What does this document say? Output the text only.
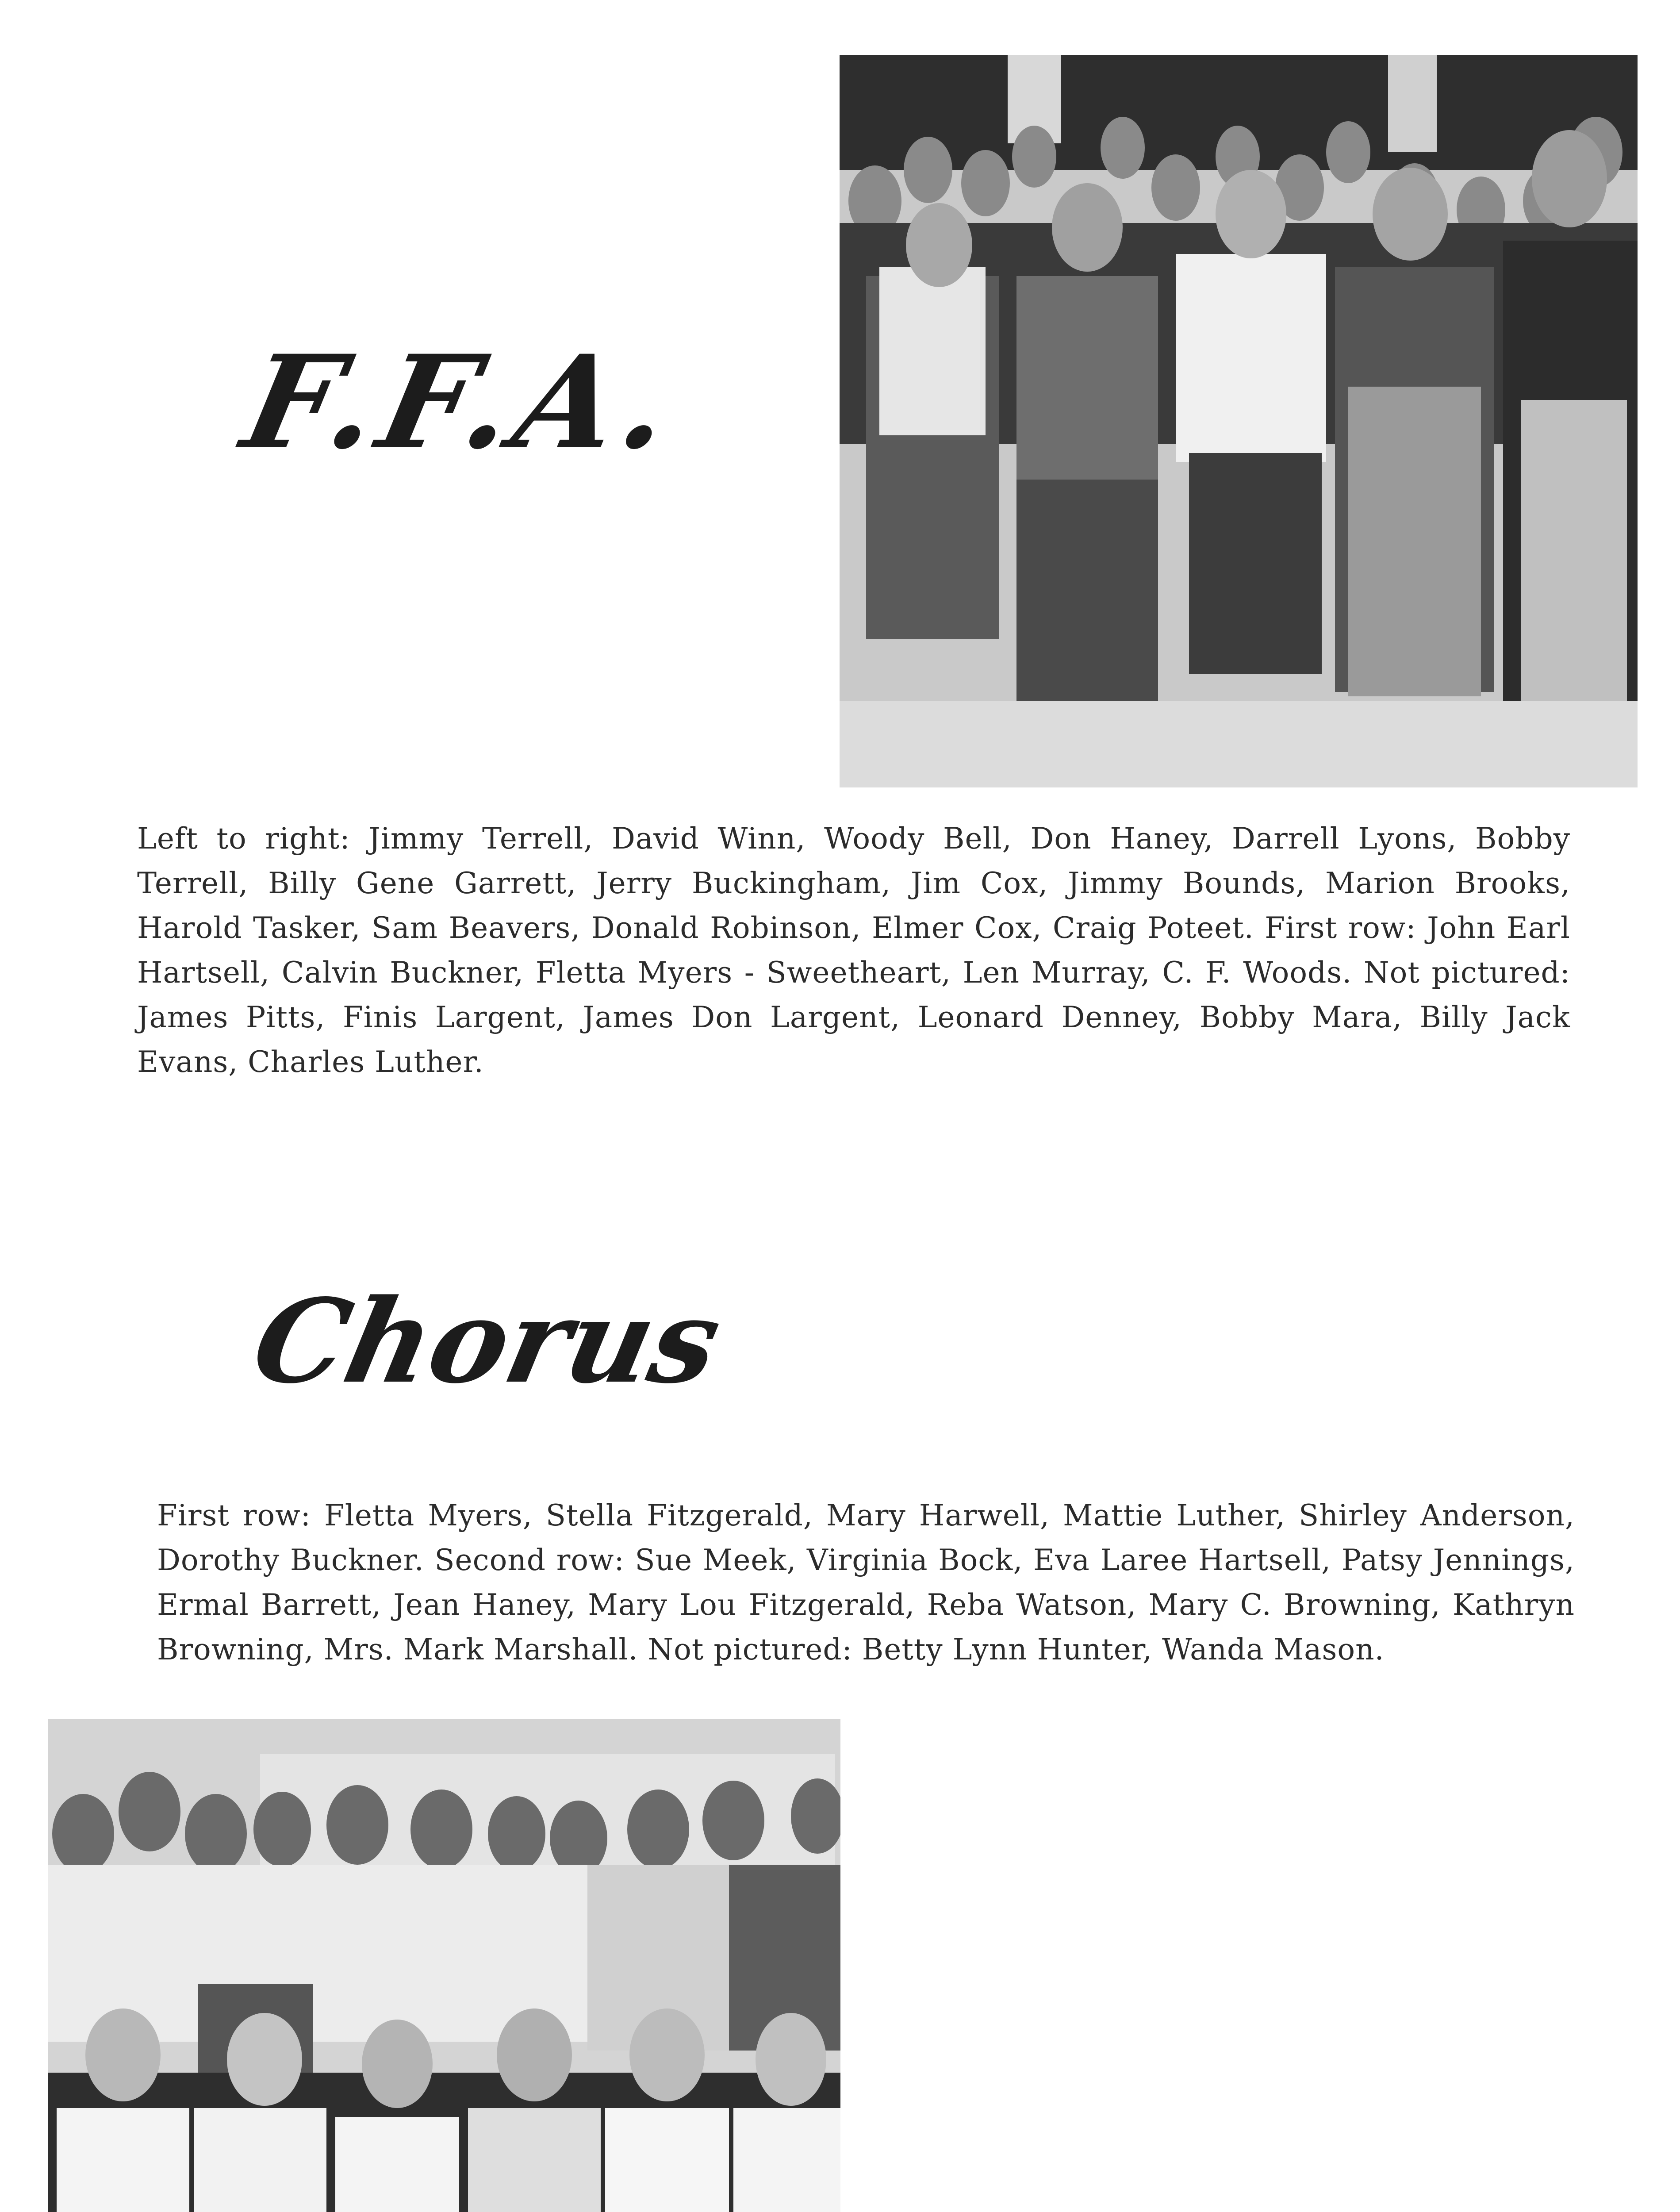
F.F.A.
Left to right: Jimmy Terrell, David Winn, Woody Bell, Don Haney, Darrell Lyons, Bobby Terrell, Billy Gene Garrett, Jerry Buckingham, Jim Cox, Jimmy Bounds, Marion Brooks, Harold Tasker, Sam Beavers, Donald Robinson, Elmer Cox, Craig Poteet. First row: John Earl Hartsell, Calvin Buckner, Fletta Myers - Sweetheart, Len Murray, C. F. Woods. Not pictured: James Pitts, Finis Largent, James Don Largent, Leonard Denney, Bobby Mara, Billy Jack Evans, Charles Luther.
Chorus
First row: Fletta Myers, Stella Fitzgerald, Mary Harwell, Mattie Luther, Shirley Anderson, Dorothy Buckner. Second row: Sue Meek, Virginia Bock, Eva Laree Hartsell, Patsy Jennings, Ermal Barrett, Jean Haney, Mary Lou Fitzgerald, Reba Watson, Mary C. Browning, Kathryn Browning, Mrs. Mark Marshall. Not pictured: Betty Lynn Hunter, Wanda Mason.
